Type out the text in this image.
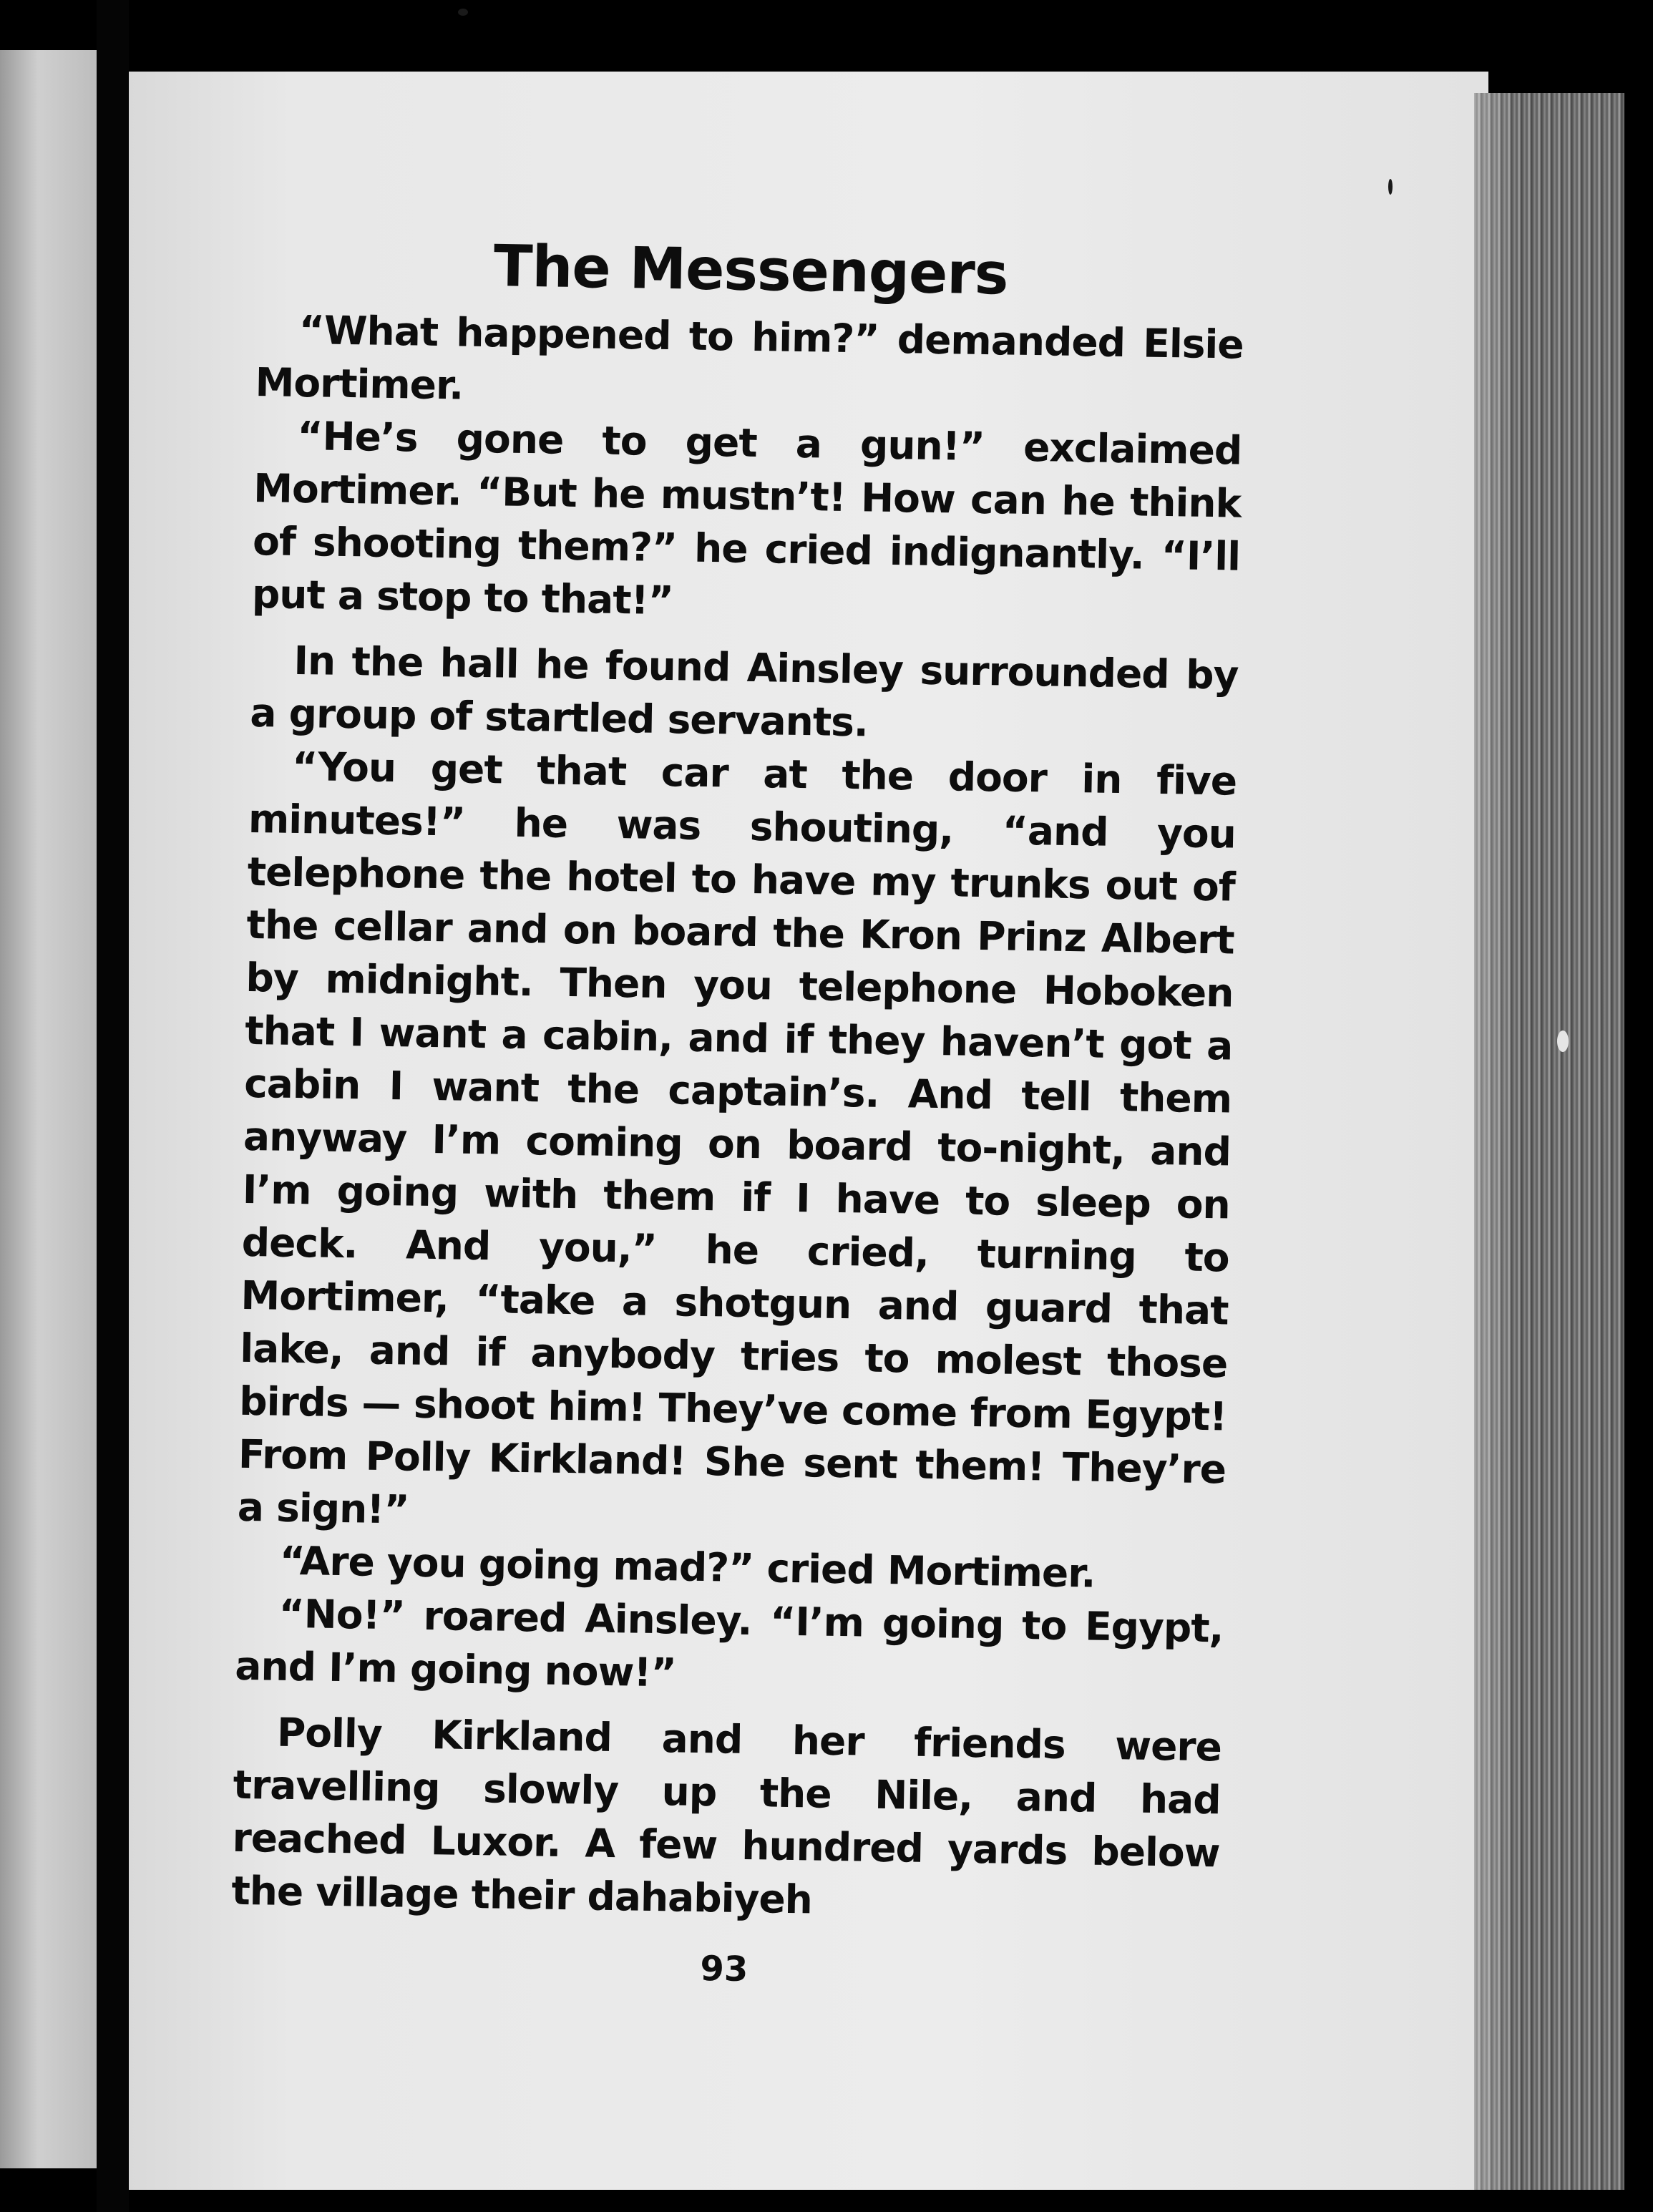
The Messengers

“What happened to him?” demanded Elsie Mortimer.

“He’s gone to get a gun!” exclaimed Mortimer. “But he mustn’t! How can he think of shooting them?” he cried indignantly. “I’ll put a stop to that!”

In the hall he found Ainsley surrounded by a group of startled servants.

“You get that car at the door in five minutes!” he was shouting, “and you telephone the hotel to have my trunks out of the cellar and on board the Kron Prinz Albert by midnight. Then you telephone Hoboken that I want a cabin, and if they haven’t got a cabin I want the captain’s. And tell them anyway I’m coming on board to-night, and I’m going with them if I have to sleep on deck. And you,” he cried, turning to Mortimer, “take a shotgun and guard that lake, and if anybody tries to molest those birds — shoot him! They’ve come from Egypt! From Polly Kirkland! She sent them! They’re a sign!”

“Are you going mad?” cried Mortimer.

“No!” roared Ainsley. “I’m going to Egypt, and I’m going now!”

Polly Kirkland and her friends were travelling slowly up the Nile, and had reached Luxor. A few hundred yards below the village their dahabiyeh

93
